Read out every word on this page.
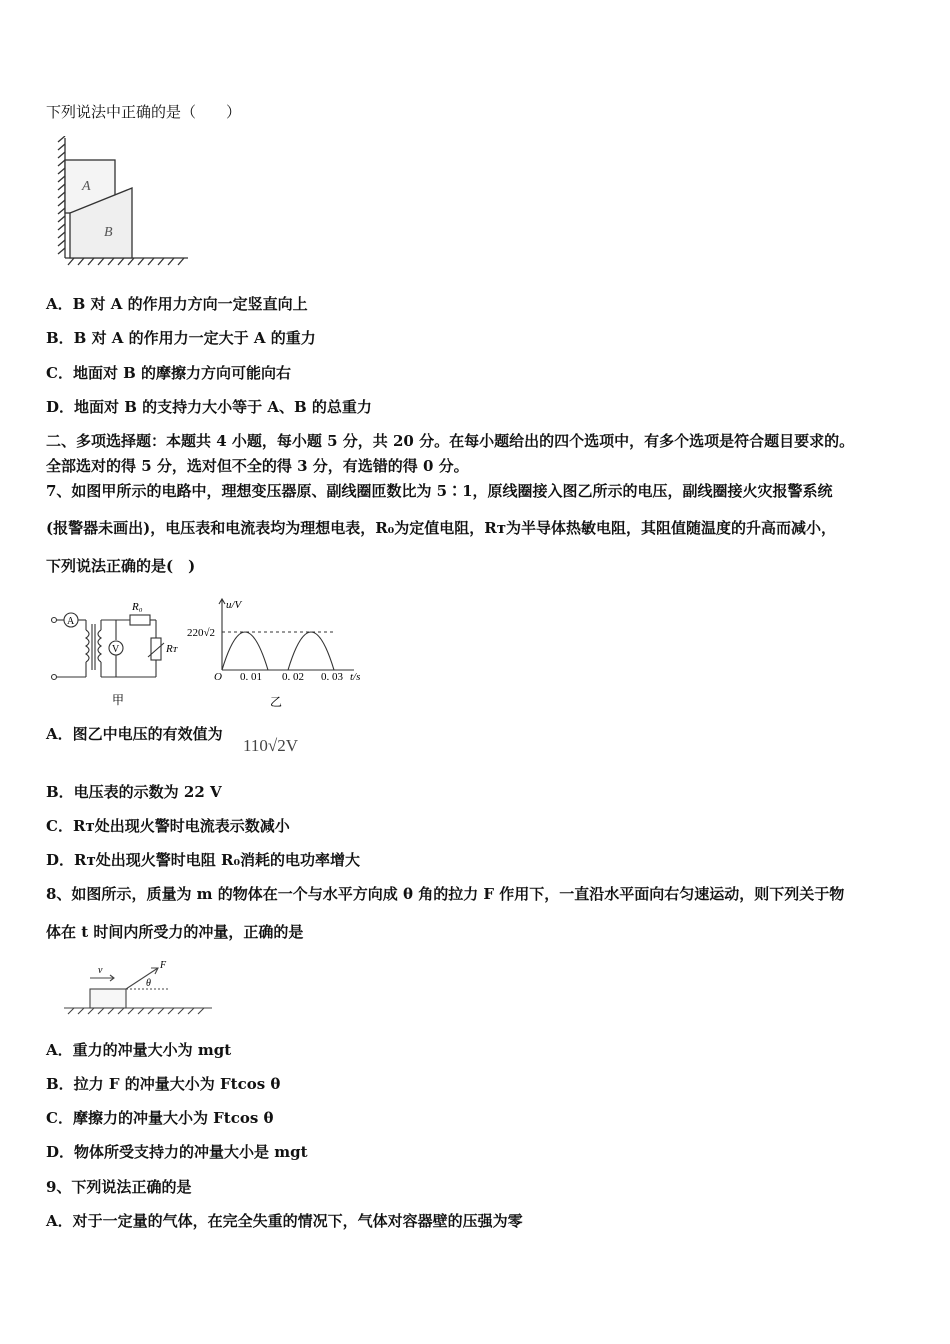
下列说法中正确的是（　　）
A
B
A．B 对 A 的作用力方向一定竖直向上
B．B 对 A 的作用力一定大于 A 的重力
C．地面对 B 的摩擦力方向可能向右
D．地面对 B 的支持力大小等于 A、B 的总重力
二、多项选择题：本题共 4 小题，每小题 5 分，共 20 分。在每小题给出的四个选项中，有多个选项是符合题目要求的。
全部选对的得 5 分，选对但不全的得 3 分，有选错的得 0 分。
7、如图甲所示的电路中，理想变压器原、副线圈匝数比为 5∶1，原线圈接入图乙所示的电压，副线圈接火灾报警系统
(报警器未画出)，电压表和电流表均为理想电表，R₀为定值电阻，Rᴛ为半导体热敏电阻，其阻值随温度的升高而减小，
下列说法正确的是(　)
A
V
R₀
Rᴛ
甲
u/V
220√2
O 0. 01 0. 02 0. 03 t/s
乙
A．图乙中电压的有效值为
110√2V
B．电压表的示数为 22 V
C．Rᴛ处出现火警时电流表示数减小
D．Rᴛ处出现火警时电阻 R₀消耗的电功率增大
8、如图所示，质量为 m 的物体在一个与水平方向成 θ 角的拉力 F 作用下，一直沿水平面向右匀速运动，则下列关于物
体在 t 时间内所受力的冲量，正确的是
v	F
θ
A．重力的冲量大小为 mgt
B．拉力 F 的冲量大小为 Ftcos θ
C．摩擦力的冲量大小为 Ftcos θ
D．物体所受支持力的冲量大小是 mgt
9、下列说法正确的是
A．对于一定量的气体，在完全失重的情况下，气体对容器壁的压强为零
